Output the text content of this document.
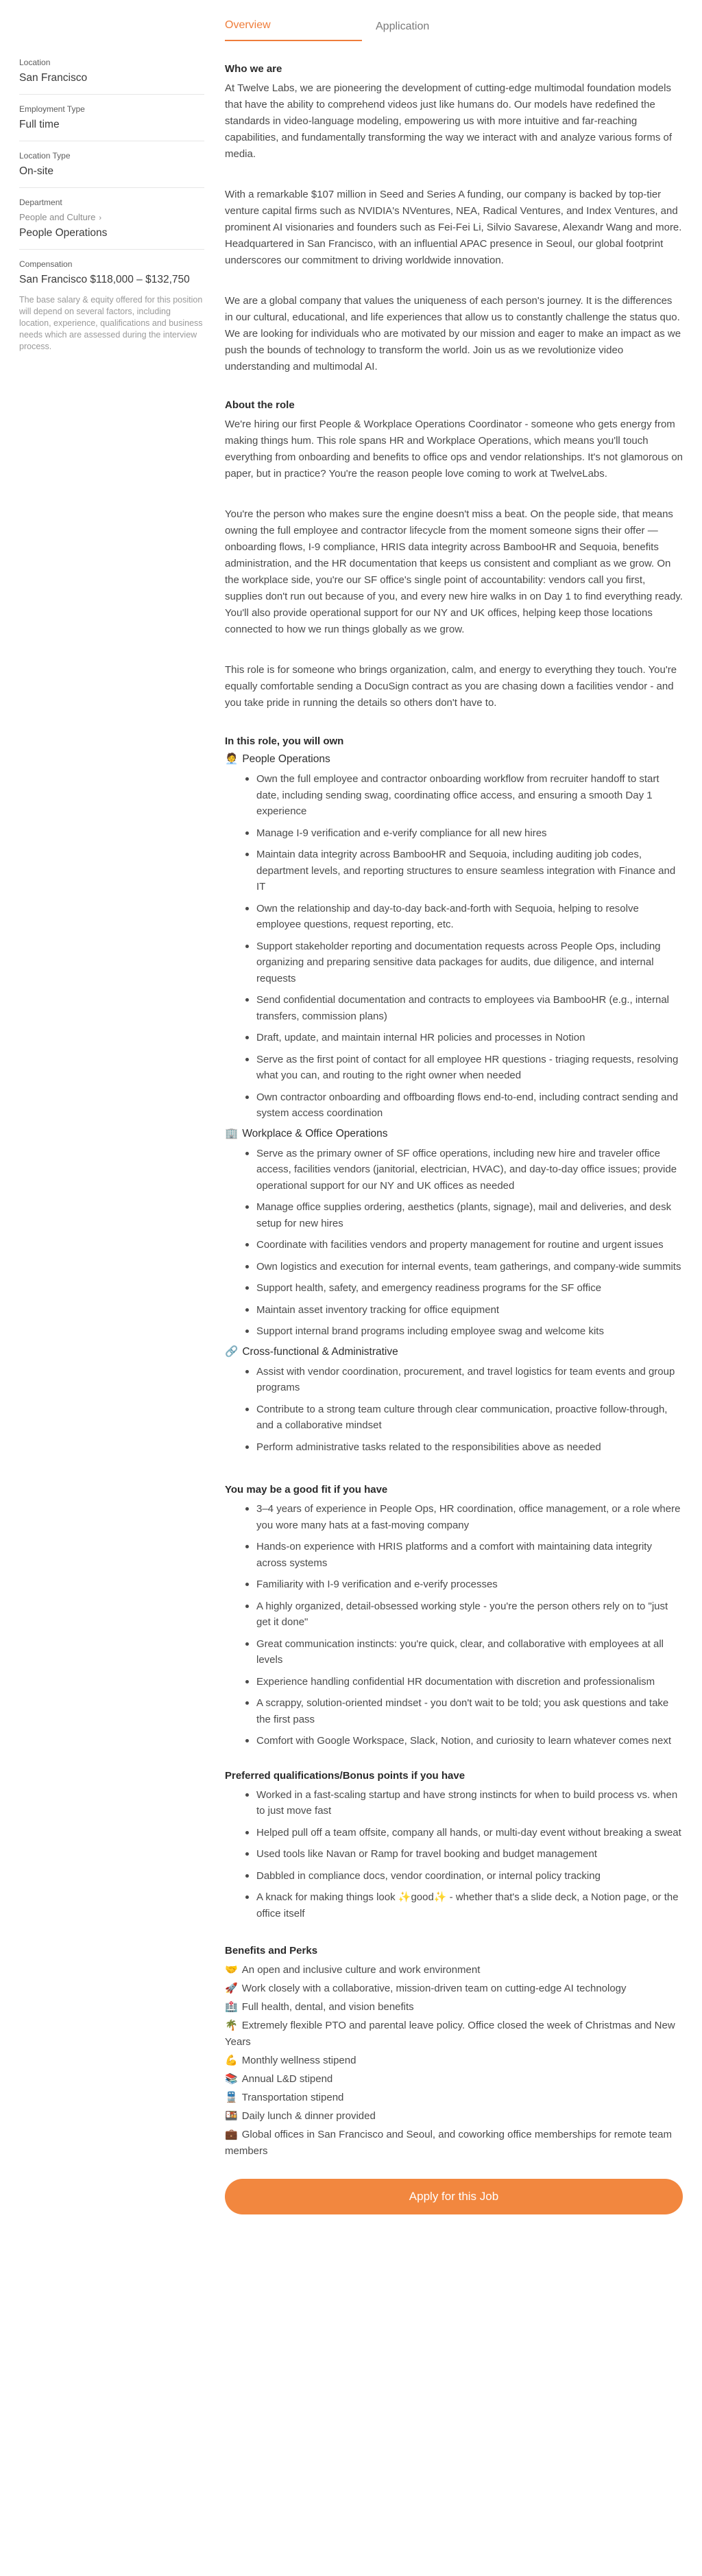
Location
San Francisco
Employment Type
Full time
Location Type
On-site
Department
People and Culture ›
People Operations
Compensation
San Francisco $118,000 – $132,750
The base salary & equity offered for this position will depend on several factors, including location, experience, qualifications and business needs which are assessed during the interview process.
Overview	Application
Who we are

At Twelve Labs, we are pioneering the development of cutting-edge multimodal foundation models that have the ability to comprehend videos just like humans do. Our models have redefined the standards in video-language modeling, empowering us with more intuitive and far-reaching capabilities, and fundamentally transforming the way we interact with and analyze various forms of media.

With a remarkable $107 million in Seed and Series A funding, our company is backed by top-tier venture capital firms such as NVIDIA's NVentures, NEA, Radical Ventures, and Index Ventures, and prominent AI visionaries and founders such as Fei-Fei Li, Silvio Savarese, Alexandr Wang and more. Headquartered in San Francisco, with an influential APAC presence in Seoul, our global footprint underscores our commitment to driving worldwide innovation.

We are a global company that values the uniqueness of each person's journey. It is the differences in our cultural, educational, and life experiences that allow us to constantly challenge the status quo. We are looking for individuals who are motivated by our mission and eager to make an impact as we push the bounds of technology to transform the world. Join us as we revolutionize video understanding and multimodal AI.

About the role

We're hiring our first People & Workplace Operations Coordinator - someone who gets energy from making things hum. This role spans HR and Workplace Operations, which means you'll touch everything from onboarding and benefits to office ops and vendor relationships. It's not glamorous on paper, but in practice? You're the reason people love coming to work at TwelveLabs.

You're the person who makes sure the engine doesn't miss a beat. On the people side, that means owning the full employee and contractor lifecycle from the moment someone signs their offer — onboarding flows, I-9 compliance, HRIS data integrity across BambooHR and Sequoia, benefits administration, and the HR documentation that keeps us consistent and compliant as we grow. On the workplace side, you're our SF office's single point of accountability: vendors call you first, supplies don't run out because of you, and every new hire walks in on Day 1 to find everything ready. You'll also provide operational support for our NY and UK offices, helping keep those locations connected to how we run things globally as we grow.

This role is for someone who brings organization, calm, and energy to everything they touch. You're equally comfortable sending a DocuSign contract as you are chasing down a facilities vendor - and you take pride in running the details so others don't have to.

In this role, you will own
🧑‍💼 People Operations
Own the full employee and contractor onboarding workflow from recruiter handoff to start date, including sending swag, coordinating office access, and ensuring a smooth Day 1 experience
Manage I-9 verification and e-verify compliance for all new hires
Maintain data integrity across BambooHR and Sequoia, including auditing job codes, department levels, and reporting structures to ensure seamless integration with Finance and IT
Own the relationship and day-to-day back-and-forth with Sequoia, helping to resolve employee questions, request reporting, etc.
Support stakeholder reporting and documentation requests across People Ops, including organizing and preparing sensitive data packages for audits, due diligence, and internal requests
Send confidential documentation and contracts to employees via BambooHR (e.g., internal transfers, commission plans)
Draft, update, and maintain internal HR policies and processes in Notion
Serve as the first point of contact for all employee HR questions - triaging requests, resolving what you can, and routing to the right owner when needed
Own contractor onboarding and offboarding flows end-to-end, including contract sending and system access coordination
🏢 Workplace & Office Operations
Serve as the primary owner of SF office operations, including new hire and traveler office access, facilities vendors (janitorial, electrician, HVAC), and day-to-day office issues; provide operational support for our NY and UK offices as needed
Manage office supplies ordering, aesthetics (plants, signage), mail and deliveries, and desk setup for new hires
Coordinate with facilities vendors and property management for routine and urgent issues
Own logistics and execution for internal events, team gatherings, and company-wide summits
Support health, safety, and emergency readiness programs for the SF office
Maintain asset inventory tracking for office equipment
Support internal brand programs including employee swag and welcome kits
🔗 Cross-functional & Administrative
Assist with vendor coordination, procurement, and travel logistics for team events and group programs
Contribute to a strong team culture through clear communication, proactive follow-through, and a collaborative mindset
Perform administrative tasks related to the responsibilities above as needed
You may be a good fit if you have
3–4 years of experience in People Ops, HR coordination, office management, or a role where you wore many hats at a fast-moving company
Hands-on experience with HRIS platforms and a comfort with maintaining data integrity across systems
Familiarity with I-9 verification and e-verify processes
A highly organized, detail-obsessed working style - you're the person others rely on to "just get it done"
Great communication instincts: you're quick, clear, and collaborative with employees at all levels
Experience handling confidential HR documentation with discretion and professionalism
A scrappy, solution-oriented mindset - you don't wait to be told; you ask questions and take the first pass
Comfort with Google Workspace, Slack, Notion, and curiosity to learn whatever comes next
Preferred qualifications/Bonus points if you have
Worked in a fast-scaling startup and have strong instincts for when to build process vs. when to just move fast
Helped pull off a team offsite, company all hands, or multi-day event without breaking a sweat
Used tools like Navan or Ramp for travel booking and budget management
Dabbled in compliance docs, vendor coordination, or internal policy tracking
A knack for making things look ✨good✨ - whether that's a slide deck, a Notion page, or the office itself
Benefits and Perks
🤝 An open and inclusive culture and work environment
🚀 Work closely with a collaborative, mission-driven team on cutting-edge AI technology
🏥 Full health, dental, and vision benefits
🌴 Extremely flexible PTO and parental leave policy. Office closed the week of Christmas and New Years
💪 Monthly wellness stipend
📚 Annual L&D stipend
🚆 Transportation stipend
🍱 Daily lunch & dinner provided
💼 Global offices in San Francisco and Seoul, and coworking office memberships for remote team members
Apply for this Job
